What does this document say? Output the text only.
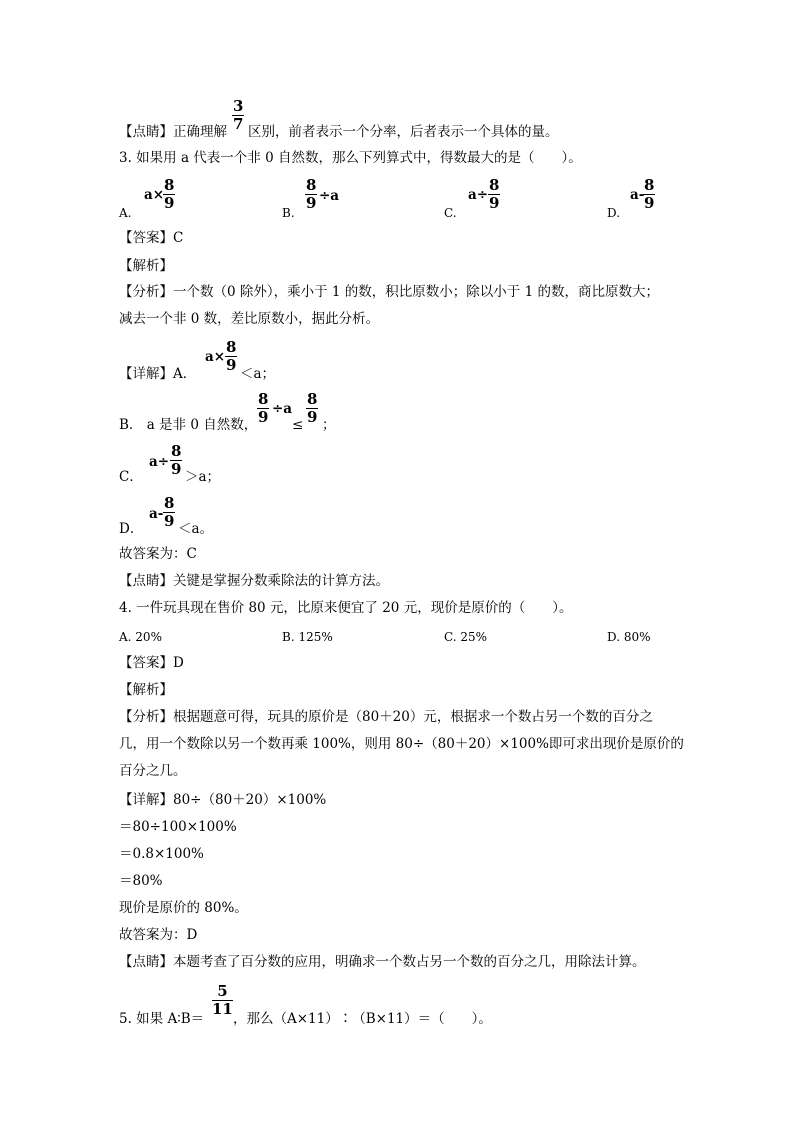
【点睛】正确理解
3
7 区别，前者表示一个分率，后者表示一个具体的量。
3. 如果用 a 代表一个非 0 自然数，那么下列算式中，得数最大的是（　　）。
A.
a×
8
9
B.
8
9 ÷a
C.
a÷
8
9
D.
a-
8
9
【答案】C
【解析】
【分析】一个数（0 除外），乘小于 1 的数，积比原数小；除以小于 1 的数，商比原数大；
减去一个非 0 数，差比原数小，据此分析。
【详解】A．
a×
8
9 ＜a；
B． a 是非 0 自然数，
8
9 ÷a
≤
8
9 ；
C．
a÷
8
9 ＞a；
D．
a-
8
9 ＜a。
故答案为：C
【点睛】关键是掌握分数乘除法的计算方法。
4. 一件玩具现在售价 80 元，比原来便宜了 20 元，现价是原价的（　　）。
A. 20%	B. 125%	C. 25%	D. 80%
【答案】D
【解析】
【分析】根据题意可得，玩具的原价是（80＋20）元，根据求一个数占另一个数的百分之
几，用一个数除以另一个数再乘 100%，则用 80÷（80＋20）×100%即可求出现价是原价的
百分之几。
【详解】80÷（80＋20）×100%
＝80÷100×100%
＝0.8×100%
＝80%
现价是原价的 80%。
故答案为：D
【点睛】本题考查了百分数的应用，明确求一个数占另一个数的百分之几，用除法计算。
5. 如果 A∶B＝
5
11
，那么（A×11）∶（B×11）＝（　　）。
